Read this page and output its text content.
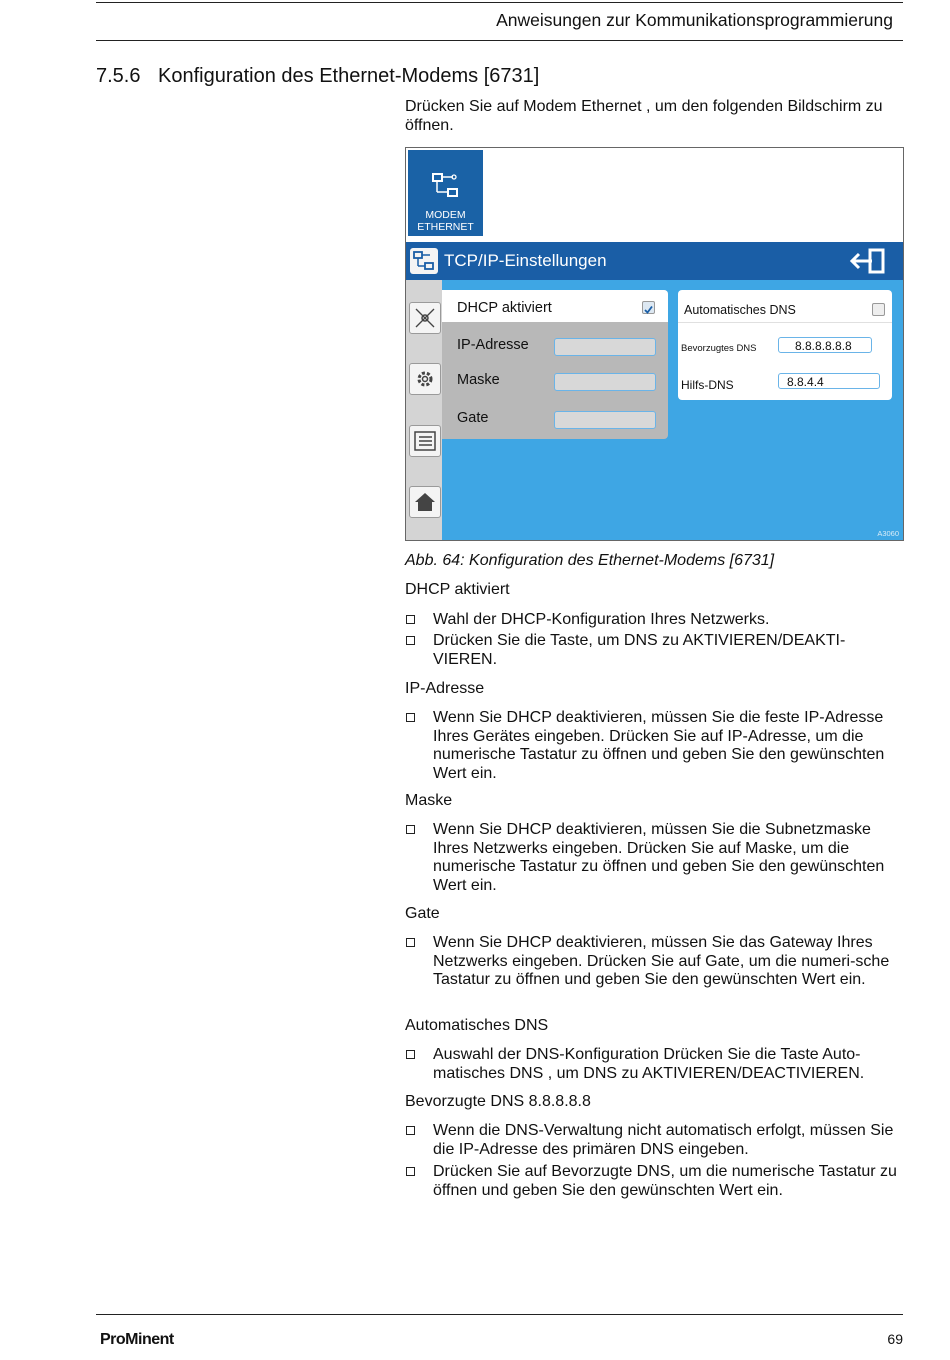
Anweisungen zur Kommunikationsprogrammierung
7.5.6 Konfiguration des Ethernet-Modems [6731]
Drücken Sie auf Modem Ethernet , um den folgenden Bildschirm zu öffnen.
MODEM
ETHERNET
TCP/IP-Einstellungen
DHCP aktiviert
IP-Adresse
Maske
Gate
Automatisches DNS
Bevorzugtes DNS	8.8.8.8.8.8
Hilfs-DNS	8.8.4.4
A3060
Abb. 64: Konfiguration des Ethernet-Modems [6731]
DHCP aktiviert
Wahl der DHCP-Konfiguration Ihres Netzwerks.
Drücken Sie die Taste, um DNS zu AKTIVIEREN/DEAKTI-VIEREN.
IP-Adresse
Wenn Sie DHCP deaktivieren, müssen Sie die feste IP-Adresse Ihres Gerätes eingeben. Drücken Sie auf IP-Adresse, um die numerische Tastatur zu öffnen und geben Sie den gewünschten Wert ein.
Maske
Wenn Sie DHCP deaktivieren, müssen Sie die Subnetzmaske Ihres Netzwerks eingeben. Drücken Sie auf Maske, um die numerische Tastatur zu öffnen und geben Sie den gewünschten Wert ein.
Gate
Wenn Sie DHCP deaktivieren, müssen Sie das Gateway Ihres Netzwerks eingeben. Drücken Sie auf Gate, um die numeri-sche Tastatur zu öffnen und geben Sie den gewünschten Wert ein.
Automatisches DNS
Auswahl der DNS-Konfiguration Drücken Sie die Taste Auto-matisches DNS , um DNS zu AKTIVIEREN/DEACTIVIEREN.
Bevorzugte DNS 8.8.8.8.8
Wenn die DNS-Verwaltung nicht automatisch erfolgt, müssen Sie die IP-Adresse des primären DNS eingeben.
Drücken Sie auf Bevorzugte DNS, um die numerische Tastatur zu öffnen und geben Sie den gewünschten Wert ein.
ProMinent	69
